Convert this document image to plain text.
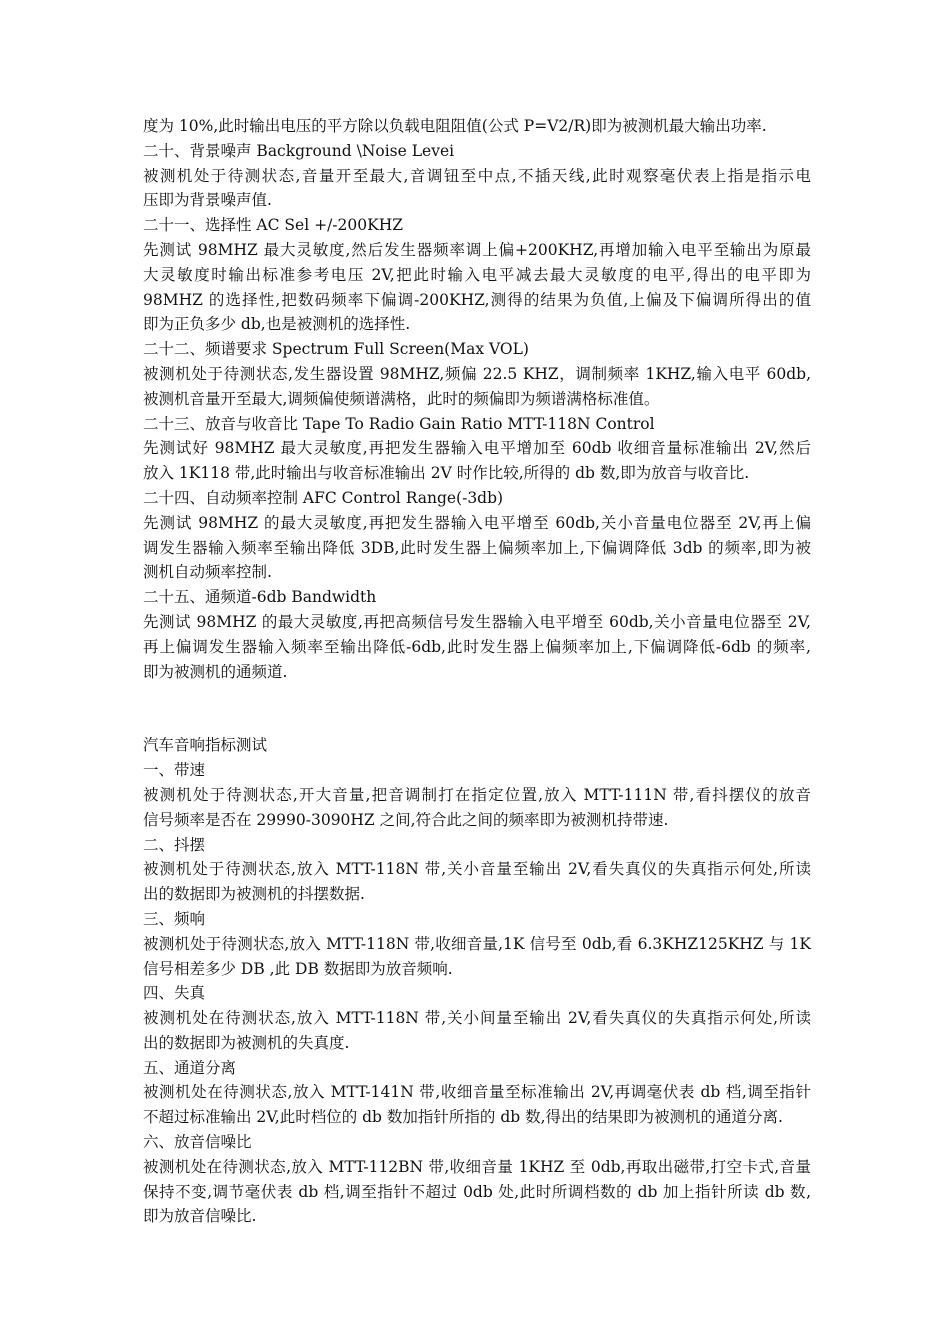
度为 10%,此时输出电压的平方除以负载电阻阻值(公式 P=V2/R)即为被测机最大输出功率.
二十、背景噪声 Background \Noise Levei
被测机处于待测状态,音量开至最大,音调钮至中点,不插天线,此时观察毫伏表上指是指示电
压即为背景噪声值.
二十一、选择性 AC Sel +/-200KHZ
先测试 98MHZ 最大灵敏度,然后发生器频率调上偏+200KHZ,再增加输入电平至输出为原最
大灵敏度时输出标准参考电压 2V,把此时输入电平减去最大灵敏度的电平,得出的电平即为
98MHZ 的选择性,把数码频率下偏调-200KHZ,测得的结果为负值,上偏及下偏调所得出的值
即为正负多少 db,也是被测机的选择性.
二十二、频谱要求 Spectrum Full Screen(Max VOL)
被测机处于待测状态,发生器设置 98MHZ,频偏 22.5 KHZ，调制频率 1KHZ,输入电平 60db,
被测机音量开至最大,调频偏使频谱满格，此时的频偏即为频谱满格标准值。
二十三、放音与收音比 Tape To Radio Gain Ratio MTT-118N Control
先测试好 98MHZ 最大灵敏度,再把发生器输入电平增加至 60db 收细音量标准输出 2V,然后
放入 1K118 带,此时输出与收音标准输出 2V 时作比较,所得的 db 数,即为放音与收音比.
二十四、自动频率控制 AFC Control Range(-3db)
先测试 98MHZ 的最大灵敏度,再把发生器输入电平增至 60db,关小音量电位器至 2V,再上偏
调发生器输入频率至输出降低 3DB,此时发生器上偏频率加上,下偏调降低 3db 的频率,即为被
测机自动频率控制.
二十五、通频道-6db Bandwidth
先测试 98MHZ 的最大灵敏度,再把高频信号发生器输入电平增至 60db,关小音量电位器至 2V,
再上偏调发生器输入频率至输出降低-6db,此时发生器上偏频率加上,下偏调降低-6db 的频率,
即为被测机的通频道.
汽车音响指标测试
一、带速
被测机处于待测状态,开大音量,把音调制打在指定位置,放入 MTT-111N 带,看抖摆仪的放音
信号频率是否在 29990-3090HZ 之间,符合此之间的频率即为被测机持带速.
二、抖摆
被测机处于待测状态,放入 MTT-118N 带,关小音量至输出 2V,看失真仪的失真指示何处,所读
出的数据即为被测机的抖摆数据.
三、频响
被测机处于待测状态,放入 MTT-118N 带,收细音量,1K 信号至 0db,看 6.3KHZ125KHZ 与 1K
信号相差多少 DB ,此 DB 数据即为放音频响.
四、失真
被测机处在待测状态,放入 MTT-118N 带,关小间量至输出 2V,看失真仪的失真指示何处,所读
出的数据即为被测机的失真度.
五、通道分离
被测机处在待测状态,放入 MTT-141N 带,收细音量至标准输出 2V,再调毫伏表 db 档,调至指针
不超过标准输出 2V,此时档位的 db 数加指针所指的 db 数,得出的结果即为被测机的通道分离.
六、放音信噪比
被测机处在待测状态,放入 MTT-112BN 带,收细音量 1KHZ 至 0db,再取出磁带,打空卡式,音量
保持不变,调节毫伏表 db 档,调至指针不超过 0db 处,此时所调档数的 db 加上指针所读 db 数,
即为放音信噪比.
